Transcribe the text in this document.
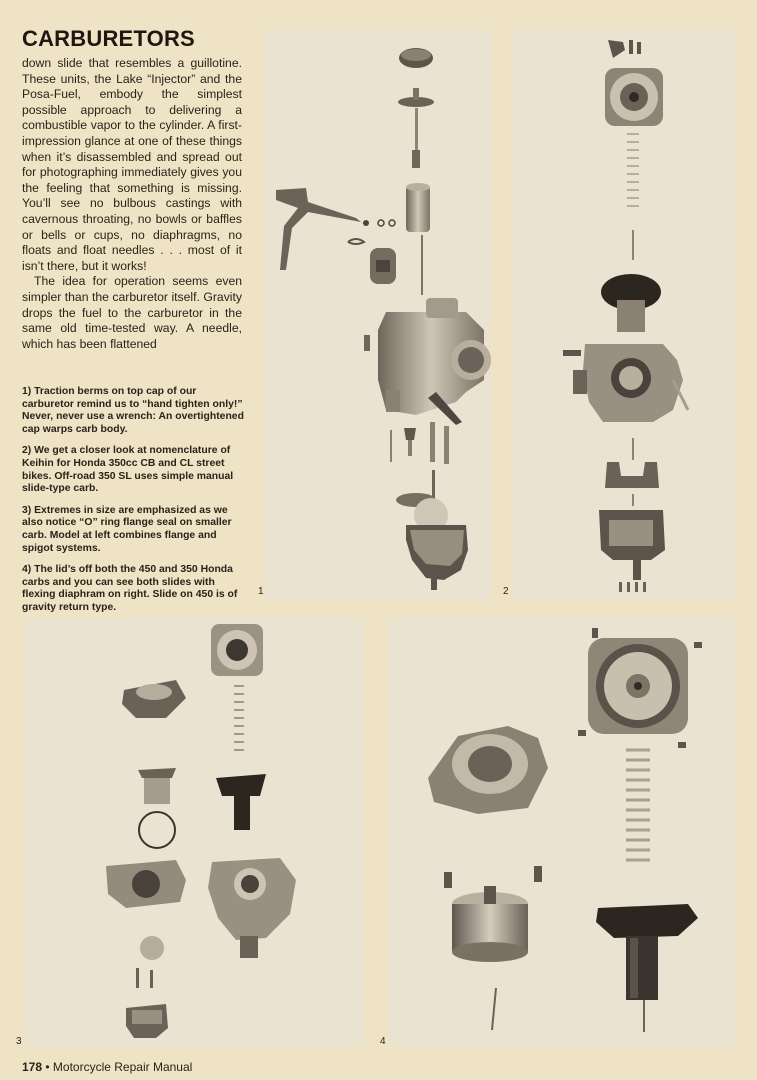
CARBURETORS

down slide that resembles a guillotine. These units, the Lake “Injector” and the Posa-Fuel, embody the simplest possible approach to delivering a combustible vapor to the cylinder. A first-impression glance at one of these things when it’s disassembled and spread out for photographing immediately gives you the feeling that something is missing. You’ll see no bulbous castings with cavernous throating, no bowls or baffles or bells or cups, no diaphragms, no floats and float needles . . . most of it isn’t there, but it works!

The idea for operation seems even simpler than the carburetor itself. Gravity drops the fuel to the carburetor in the same old time-tested way. A needle, which has been flattened

1) Traction berms on top cap of our carburetor remind us to “hand tighten only!” Never, never use a wrench: An overtightened cap warps carb body.

2) We get a closer look at nomenclature of Keihin for Honda 350cc CB and CL street bikes. Off-road 350 SL uses simple manual slide-type carb.

3) Extremes in size are emphasized as we also notice “O” ring flange seal on smaller carb. Model at left combines flange and spigot systems.

4) The lid’s off both the 450 and 350 Honda carbs and you can see both slides with flexing diaphram on right. Slide on 450 is of gravity return type.

1	2
3	4
178 • Motorcycle Repair Manual
